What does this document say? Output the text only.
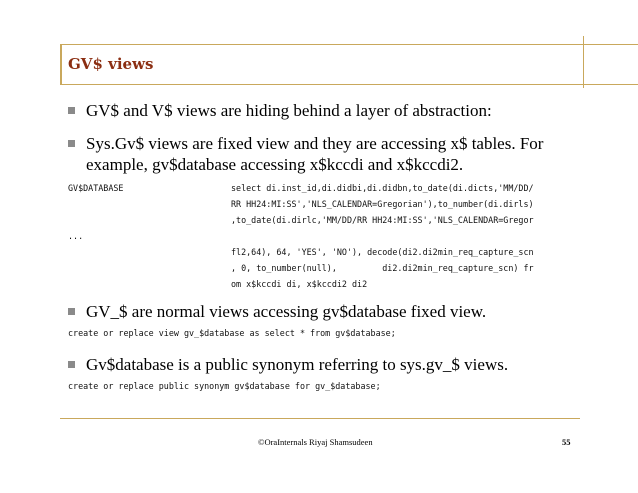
GV$ views
GV$ and V$ views are hiding behind a layer of abstraction:
Sys.Gv$ views are fixed view and they are accessing x$ tables. For example, gv$database accessing x$kccdi and x$kccdi2.
GV$DATABASE	select di.inst_id,di.didbi,di.didbn,to_date(di.dicts,'MM/DD/
RR HH24:MI:SS','NLS_CALENDAR=Gregorian'),to_number(di.dirls)
,to_date(di.dirlc,'MM/DD/RR HH24:MI:SS','NLS_CALENDAR=Gregor
...
fl2,64), 64, 'YES', 'NO'), decode(di2.di2min_req_capture_scn
, 0, to_number(null),         di2.di2min_req_capture_scn) fr
om x$kccdi di, x$kccdi2 di2
GV_$ are normal views accessing gv$database fixed view.
create or replace view gv_$database as select * from gv$database;
Gv$database is a public synonym referring to sys.gv_$ views.
create or replace public synonym gv$database for gv_$database;
©OraInternals Riyaj Shamsudeen	55
